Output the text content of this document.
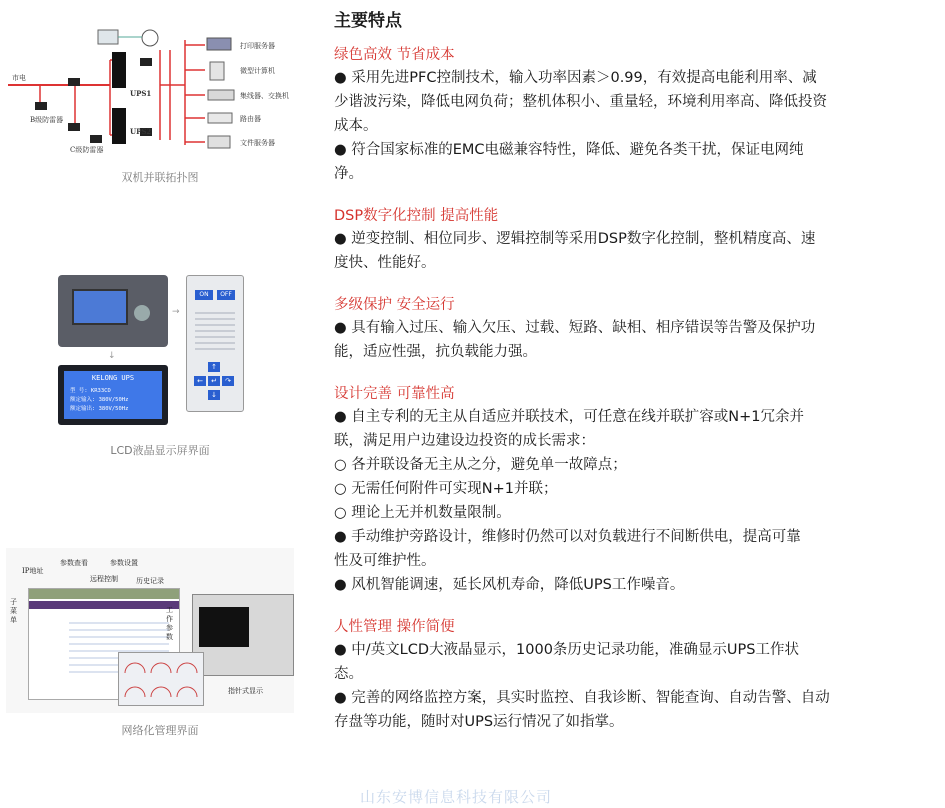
市电
B级防雷器
C级防雷器
UPS1
UPS2
打印服务器
微型计算机
集线器、交换机
路由器
文件服务器
双机并联拓扑图
KELONG UPS
型 号: KR33CD
额定输入: 380V/50Hz
额定输出: 380V/50Hz
↓
→
ON	OFF
↑
←	↵	↷
↓
LCD液晶显示屏界面
IP地址
参数查看	参数设置
远程控制	历史记录
子菜单
工作参数
指针式显示
网络化管理界面
主要特点
绿色高效 节省成本
● 采用先进PFC控制技术，输入功率因素＞0.99，有效提高电能利用率、减
少谐波污染，降低电网负荷；整机体积小、重量轻，环境利用率高、降低投资
成本。
● 符合国家标准的EMC电磁兼容特性，降低、避免各类干扰，保证电网纯
净。
DSP数字化控制 提高性能
● 逆变控制、相位同步、逻辑控制等采用DSP数字化控制，整机精度高、速
度快、性能好。
多级保护 安全运行
● 具有输入过压、输入欠压、过载、短路、缺相、相序错误等告警及保护功
能，适应性强，抗负载能力强。
设计完善 可靠性高
● 自主专利的无主从自适应并联技术，可任意在线并联扩容或N+1冗余并
联，满足用户边建设边投资的成长需求：
○ 各并联设备无主从之分，避免单一故障点；
○ 无需任何附件可实现N+1并联；
○ 理论上无并机数量限制。
● 手动维护旁路设计，维修时仍然可以对负载进行不间断供电，提高可靠
性及可维护性。
● 风机智能调速，延长风机寿命，降低UPS工作噪音。
人性管理 操作简便
● 中/英文LCD大液晶显示，1000条历史记录功能，准确显示UPS工作状
态。
● 完善的网络监控方案，具实时监控、自我诊断、智能查询、自动告警、自动
存盘等功能，随时对UPS运行情况了如指掌。
山东安博信息科技有限公司
